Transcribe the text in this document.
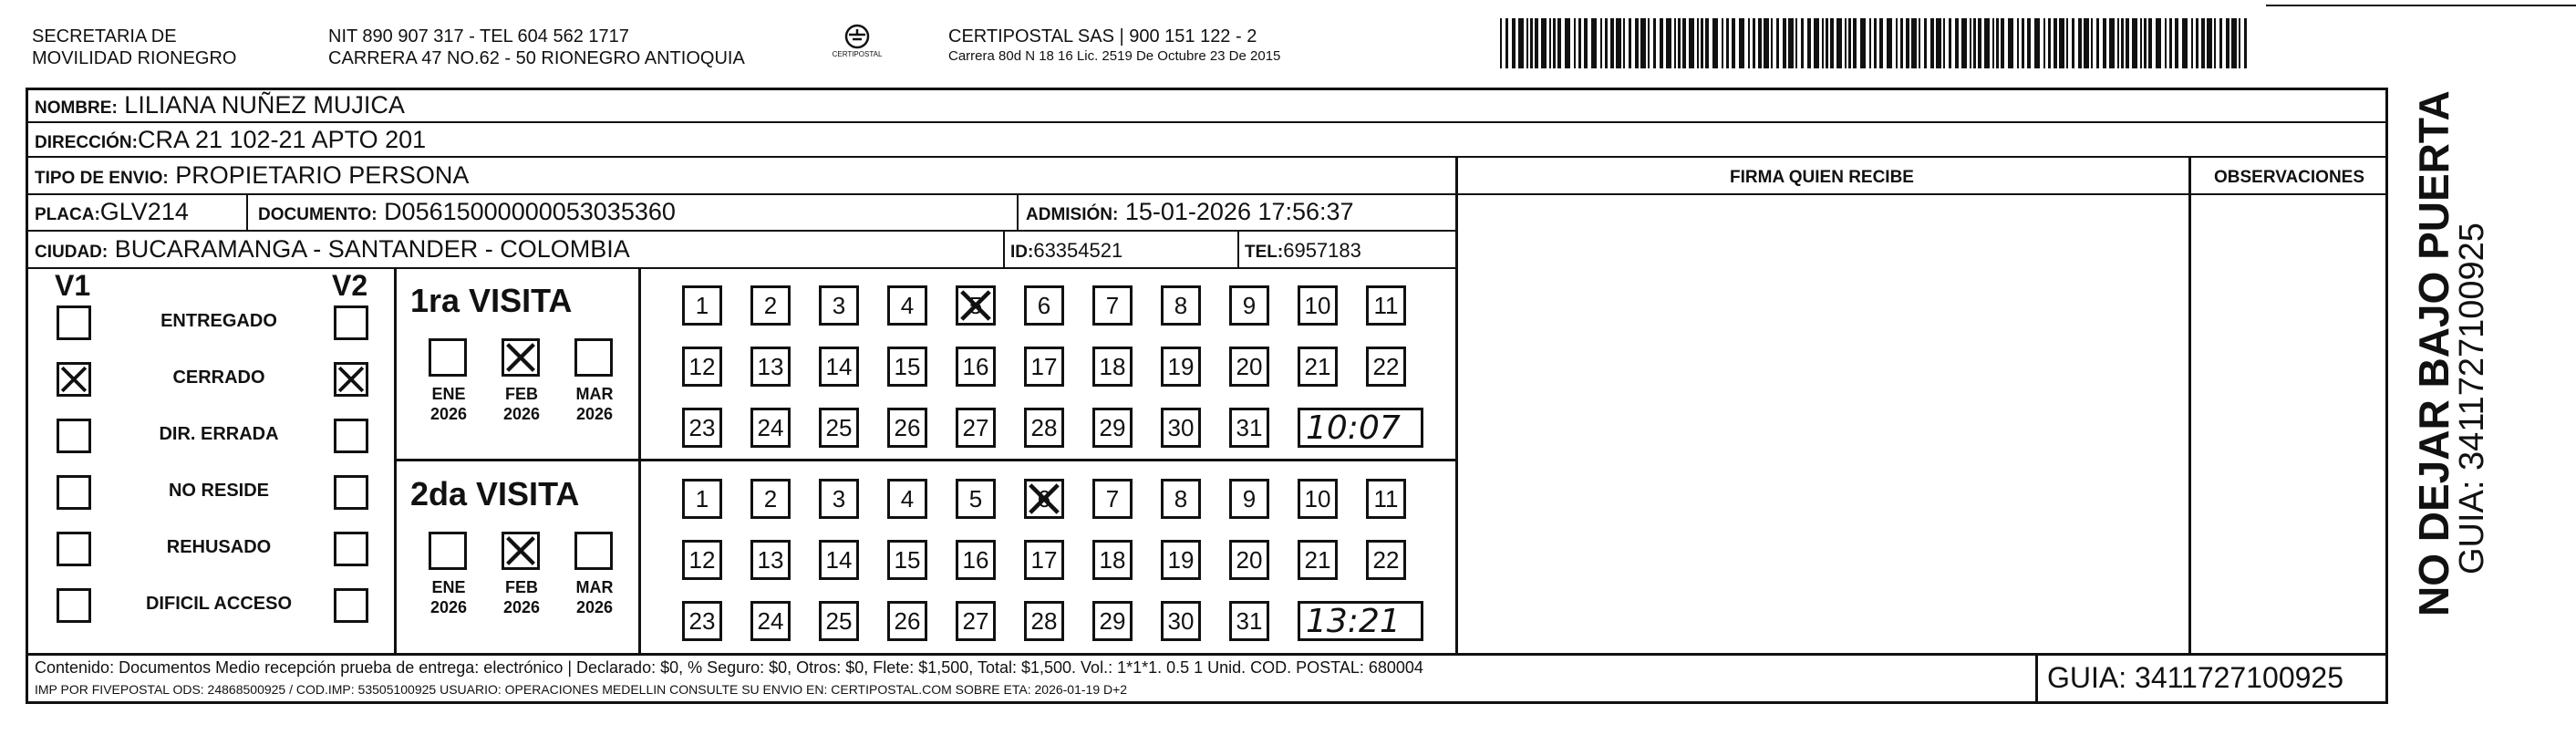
SECRETARIA DE
MOVILIDAD RIONEGRO
NIT 890 907 317 - TEL 604 562 1717
CARRERA 47 NO.62 - 50 RIONEGRO ANTIOQUIA	CERTIPOSTAL
CERTIPOSTAL SAS | 900 151 122 - 2
Carrera 80d N 18 16 Lic. 2519 De Octubre 23 De 2015
NOMBRE: LILIANA NUÑEZ MUJICA
DIRECCIÓN:CRA 21 102-21 APTO 201
TIPO DE ENVIO: PROPIETARIO PERSONA	FIRMA QUIEN RECIBE	OBSERVACIONES
PLACA:GLV214	DOCUMENTO: D05615000000053035360	ADMISIÓN: 15-01-2026 17:56:37
CIUDAD: BUCARAMANGA - SANTANDER - COLOMBIA	ID:63354521	TEL:6957183
V1	V2
ENTREGADO
CERRADO
DIR. ERRADA
NO RESIDE
REHUSADO
DIFICIL ACCESO
1ra VISITA
ENE
2026
FEB
2026
MAR
2026
1 2 3 4 5 6 7 8 9 10 11
12 13 14 15 16 17 18 19 20 21 22
23 24 25 26 27 28 29 30 31 10:07
2da VISITA
ENE
2026
FEB
2026
MAR
2026
1 2 3 4 5 6 7 8 9 10 11
12 13 14 15 16 17 18 19 20 21 22
23 24 25 26 27 28 29 30 31 13:21
Contenido: Documentos Medio recepción prueba de entrega: electrónico | Declarado: $0, % Seguro: $0, Otros: $0, Flete: $1,500, Total: $1,500. Vol.: 1*1*1. 0.5 1 Unid. COD. POSTAL: 680004
IMP POR FIVEPOSTAL ODS: 24868500925 / COD.IMP: 53505100925 USUARIO: OPERACIONES MEDELLIN CONSULTE SU ENVIO EN: CERTIPOSTAL.COM SOBRE ETA: 2026-01-19 D+2	GUIA: 3411727100925
NO DEJAR BAJO PUERTA
GUIA: 3411727100925
